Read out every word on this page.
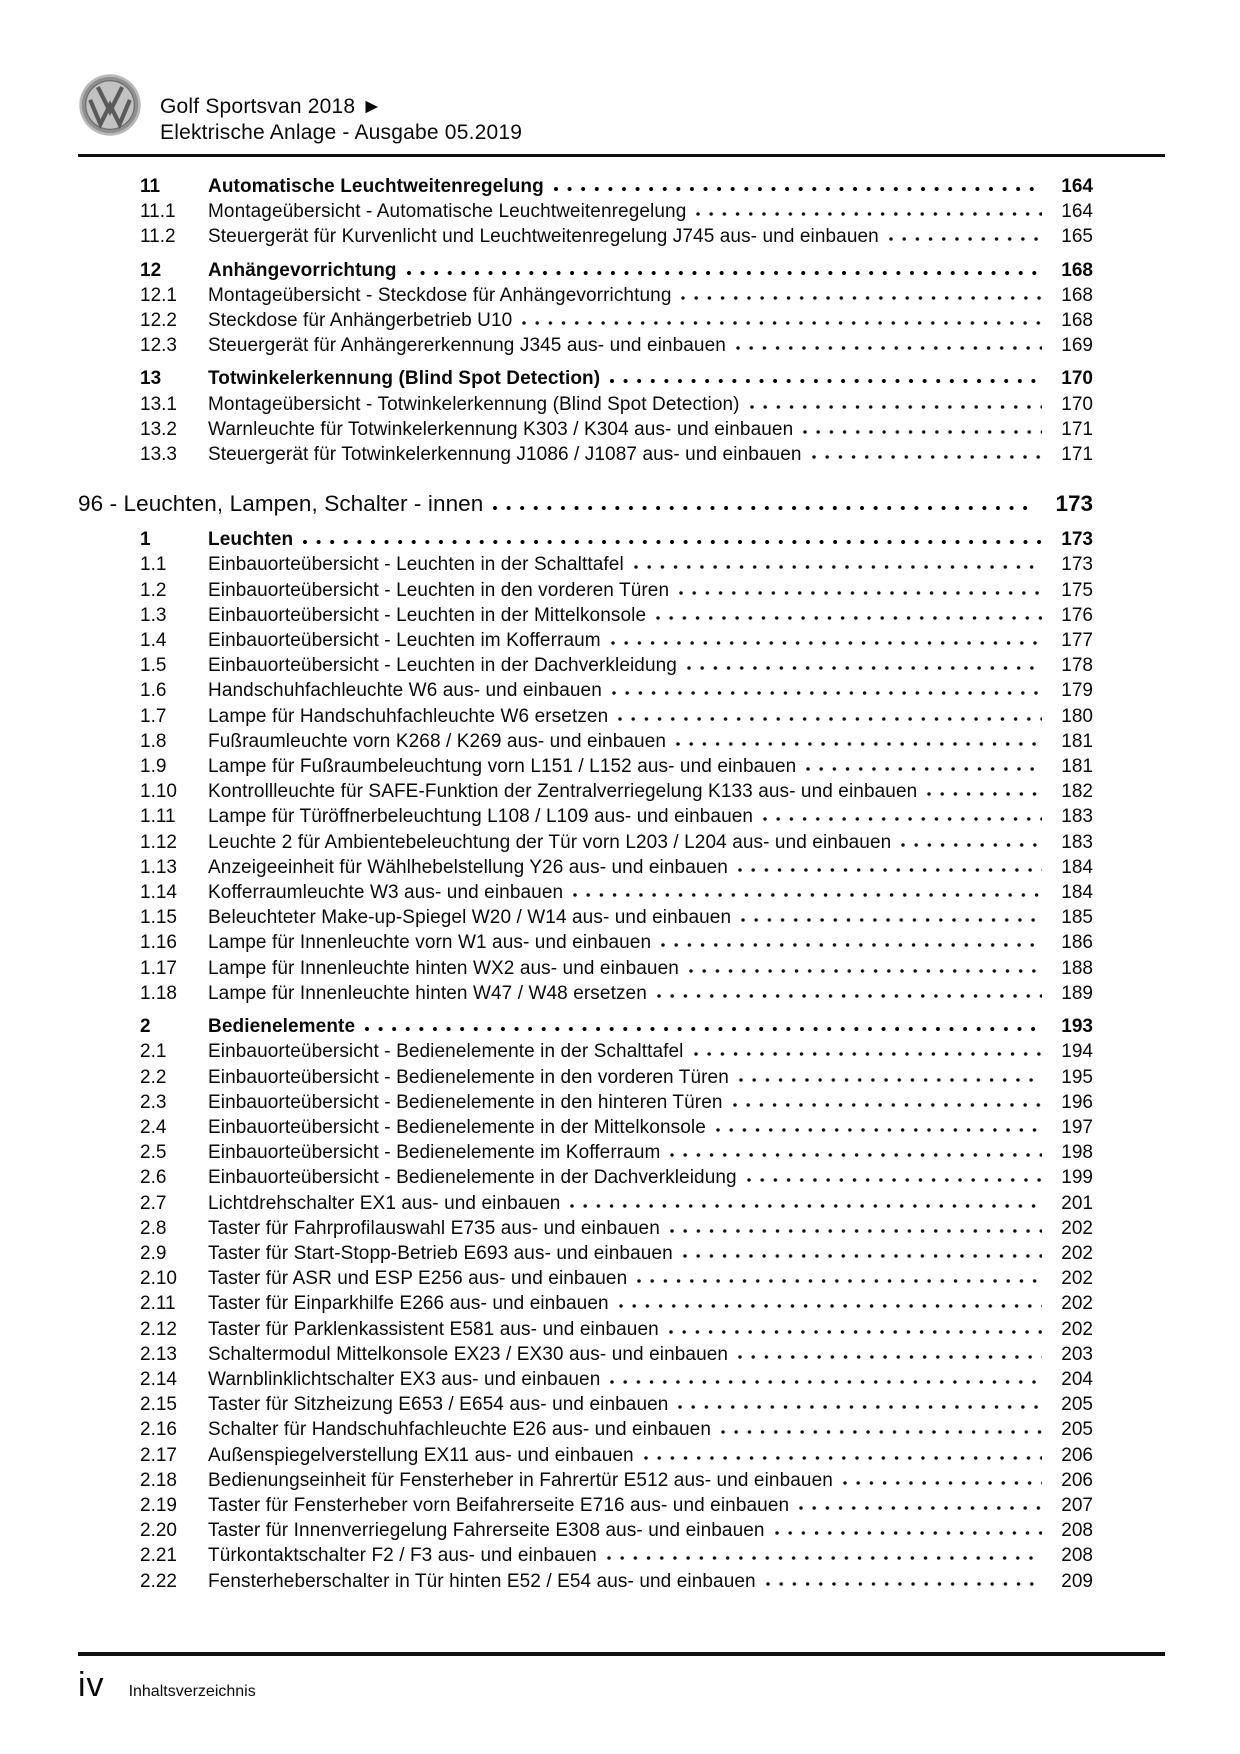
Golf Sportsvan 2018 ►
Elektrische Anlage - Ausgabe 05.2019
11	Automatische Leuchtweitenregelung	164
11.1	Montageübersicht - Automatische Leuchtweitenregelung	164
11.2	Steuergerät für Kurvenlicht und Leuchtweitenregelung J745 aus- und einbauen	165
12	Anhängevorrichtung	168
12.1	Montageübersicht - Steckdose für Anhängevorrichtung	168
12.2	Steckdose für Anhängerbetrieb U10	168
12.3	Steuergerät für Anhängererkennung J345 aus- und einbauen	169
13	Totwinkelerkennung (Blind Spot Detection)	170
13.1	Montageübersicht - Totwinkelerkennung (Blind Spot Detection)	170
13.2	Warnleuchte für Totwinkelerkennung K303 / K304 aus- und einbauen	171
13.3	Steuergerät für Totwinkelerkennung J1086 / J1087 aus- und einbauen	171
96 - Leuchten, Lampen, Schalter - innen	173
1	Leuchten	173
1.1	Einbauorteübersicht - Leuchten in der Schalttafel	173
1.2	Einbauorteübersicht - Leuchten in den vorderen Türen	175
1.3	Einbauorteübersicht - Leuchten in der Mittelkonsole	176
1.4	Einbauorteübersicht - Leuchten im Kofferraum	177
1.5	Einbauorteübersicht - Leuchten in der Dachverkleidung	178
1.6	Handschuhfachleuchte W6 aus- und einbauen	179
1.7	Lampe für Handschuhfachleuchte W6 ersetzen	180
1.8	Fußraumleuchte vorn K268 / K269 aus- und einbauen	181
1.9	Lampe für Fußraumbeleuchtung vorn L151 / L152 aus- und einbauen	181
1.10	Kontrollleuchte für SAFE-Funktion der Zentralverriegelung K133 aus- und einbauen	182
1.11	Lampe für Türöffnerbeleuchtung L108 / L109 aus- und einbauen	183
1.12	Leuchte 2 für Ambientebeleuchtung der Tür vorn L203 / L204 aus- und einbauen	183
1.13	Anzeigeeinheit für Wählhebelstellung Y26 aus- und einbauen	184
1.14	Kofferraumleuchte W3 aus- und einbauen	184
1.15	Beleuchteter Make-up-Spiegel W20 / W14 aus- und einbauen	185
1.16	Lampe für Innenleuchte vorn W1 aus- und einbauen	186
1.17	Lampe für Innenleuchte hinten WX2 aus- und einbauen	188
1.18	Lampe für Innenleuchte hinten W47 / W48 ersetzen	189
2	Bedienelemente	193
2.1	Einbauorteübersicht - Bedienelemente in der Schalttafel	194
2.2	Einbauorteübersicht - Bedienelemente in den vorderen Türen	195
2.3	Einbauorteübersicht - Bedienelemente in den hinteren Türen	196
2.4	Einbauorteübersicht - Bedienelemente in der Mittelkonsole	197
2.5	Einbauorteübersicht - Bedienelemente im Kofferraum	198
2.6	Einbauorteübersicht - Bedienelemente in der Dachverkleidung	199
2.7	Lichtdrehschalter EX1 aus- und einbauen	201
2.8	Taster für Fahrprofilauswahl E735 aus- und einbauen	202
2.9	Taster für Start-Stopp-Betrieb E693 aus- und einbauen	202
2.10	Taster für ASR und ESP E256 aus- und einbauen	202
2.11	Taster für Einparkhilfe E266 aus- und einbauen	202
2.12	Taster für Parklenkassistent E581 aus- und einbauen	202
2.13	Schaltermodul Mittelkonsole EX23 / EX30 aus- und einbauen	203
2.14	Warnblinklichtschalter EX3 aus- und einbauen	204
2.15	Taster für Sitzheizung E653 / E654 aus- und einbauen	205
2.16	Schalter für Handschuhfachleuchte E26 aus- und einbauen	205
2.17	Außenspiegelverstellung EX11 aus- und einbauen	206
2.18	Bedienungseinheit für Fensterheber in Fahrertür E512 aus- und einbauen	206
2.19	Taster für Fensterheber vorn Beifahrerseite E716 aus- und einbauen	207
2.20	Taster für Innenverriegelung Fahrerseite E308 aus- und einbauen	208
2.21	Türkontaktschalter F2 / F3 aus- und einbauen	208
2.22	Fensterheberschalter in Tür hinten E52 / E54 aus- und einbauen	209
iv Inhaltsverzeichnis
